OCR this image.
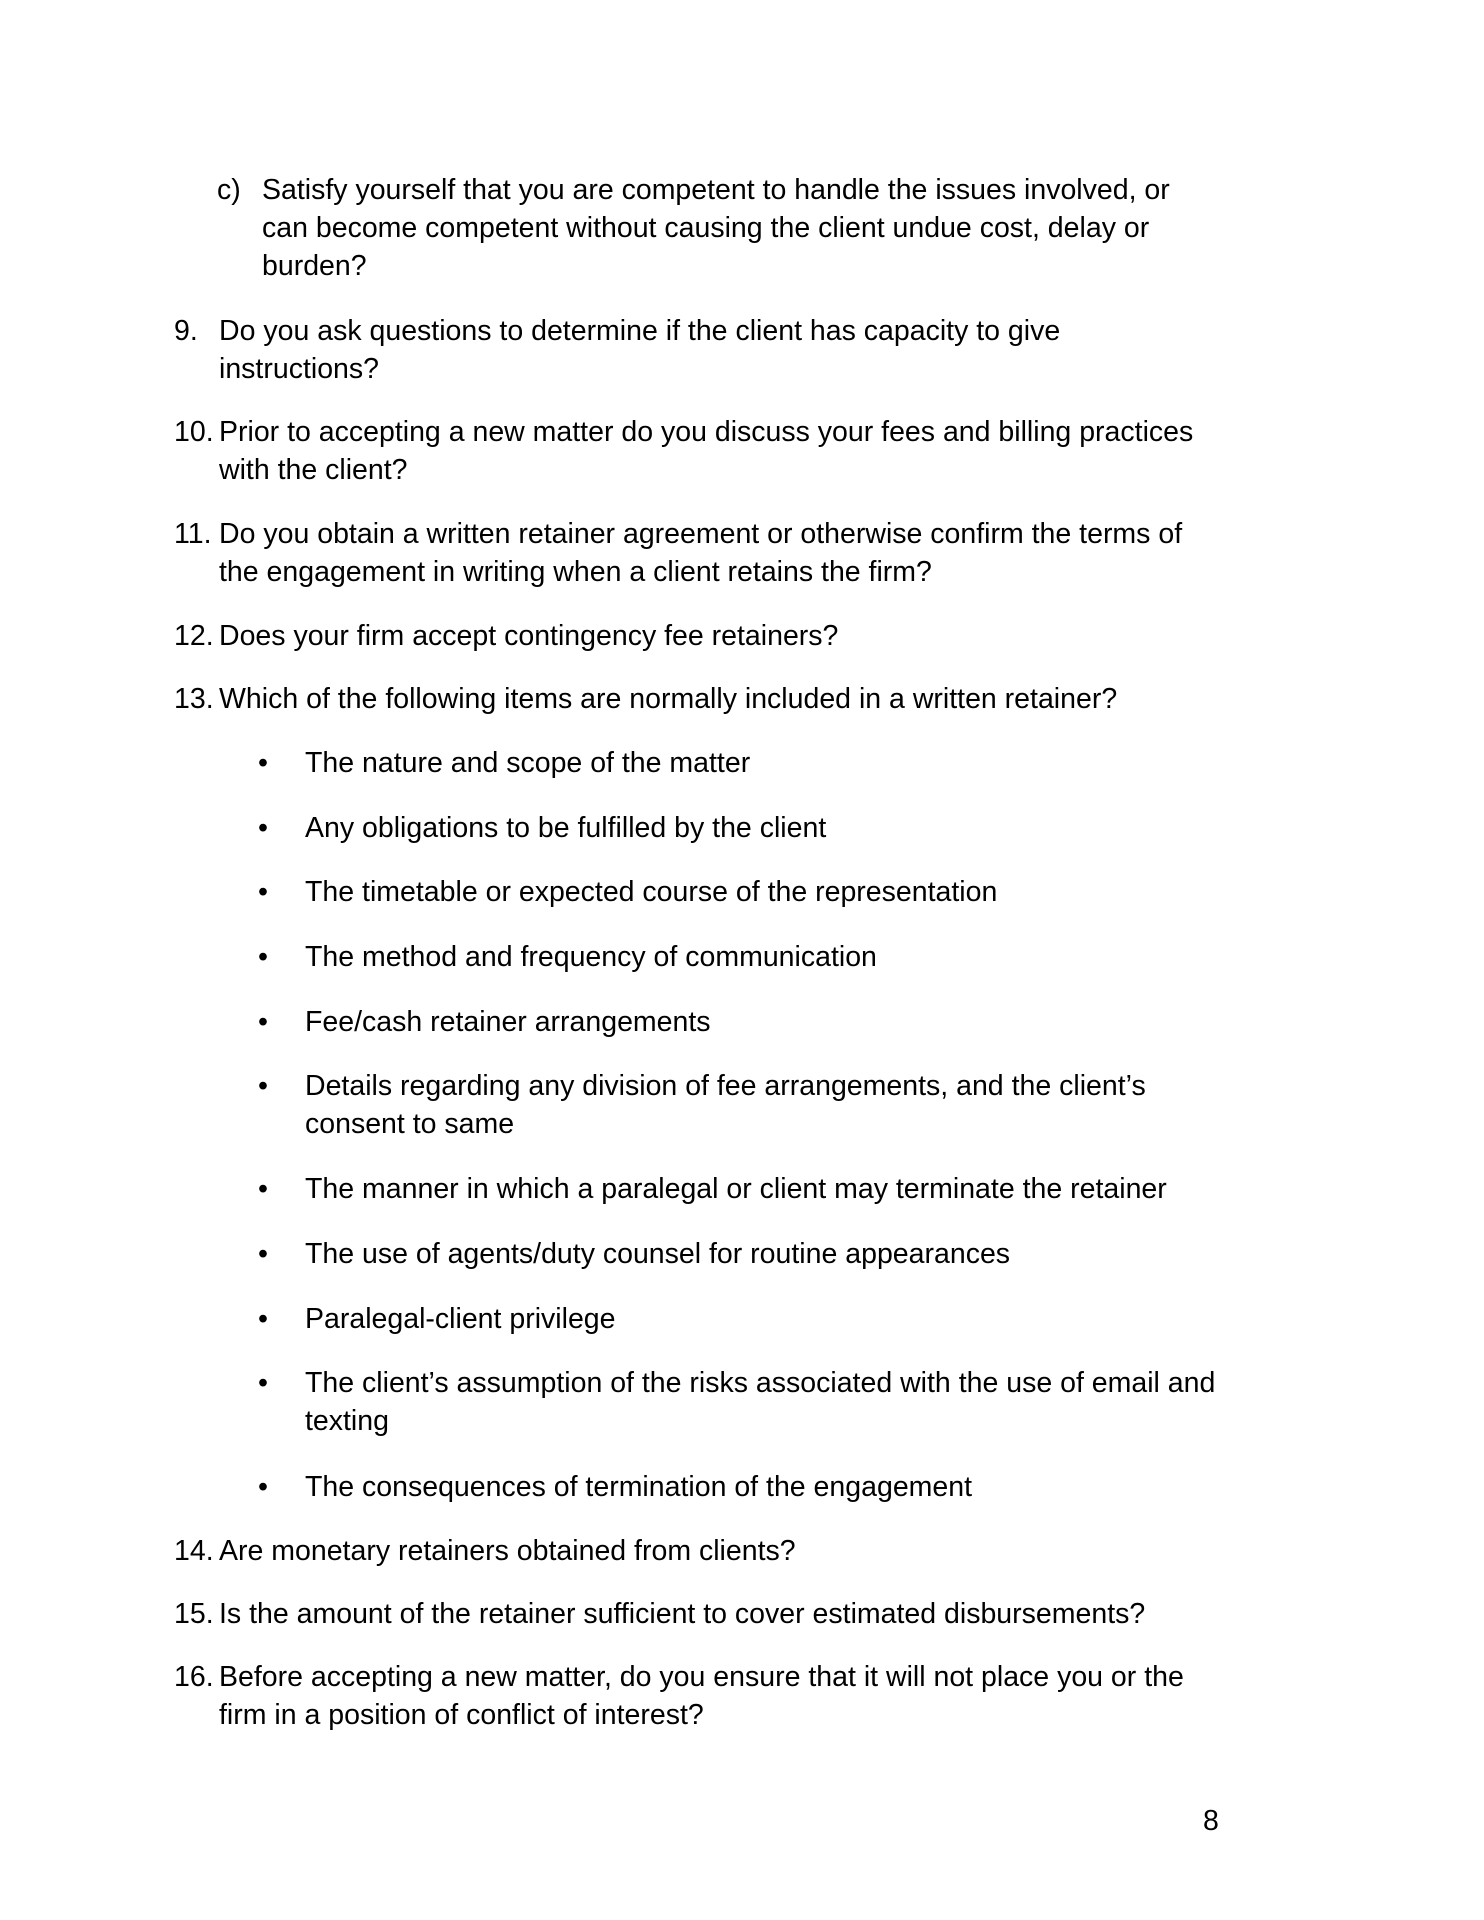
c) Satisfy yourself that you are competent to handle the issues involved, or can become competent without causing the client undue cost, delay or burden?
9. Do you ask questions to determine if the client has capacity to give instructions?
10. Prior to accepting a new matter do you discuss your fees and billing practices with the client?
11. Do you obtain a written retainer agreement or otherwise confirm the terms of the engagement in writing when a client retains the firm?
12. Does your firm accept contingency fee retainers?
13. Which of the following items are normally included in a written retainer?
• The nature and scope of the matter
• Any obligations to be fulfilled by the client
• The timetable or expected course of the representation
• The method and frequency of communication
• Fee/cash retainer arrangements
• Details regarding any division of fee arrangements, and the client’s consent to same
• The manner in which a paralegal or client may terminate the retainer
• The use of agents/duty counsel for routine appearances
• Paralegal-client privilege
• The client’s assumption of the risks associated with the use of email and texting
• The consequences of termination of the engagement
14. Are monetary retainers obtained from clients?
15. Is the amount of the retainer sufficient to cover estimated disbursements?
16. Before accepting a new matter, do you ensure that it will not place you or the firm in a position of conflict of interest?
8
